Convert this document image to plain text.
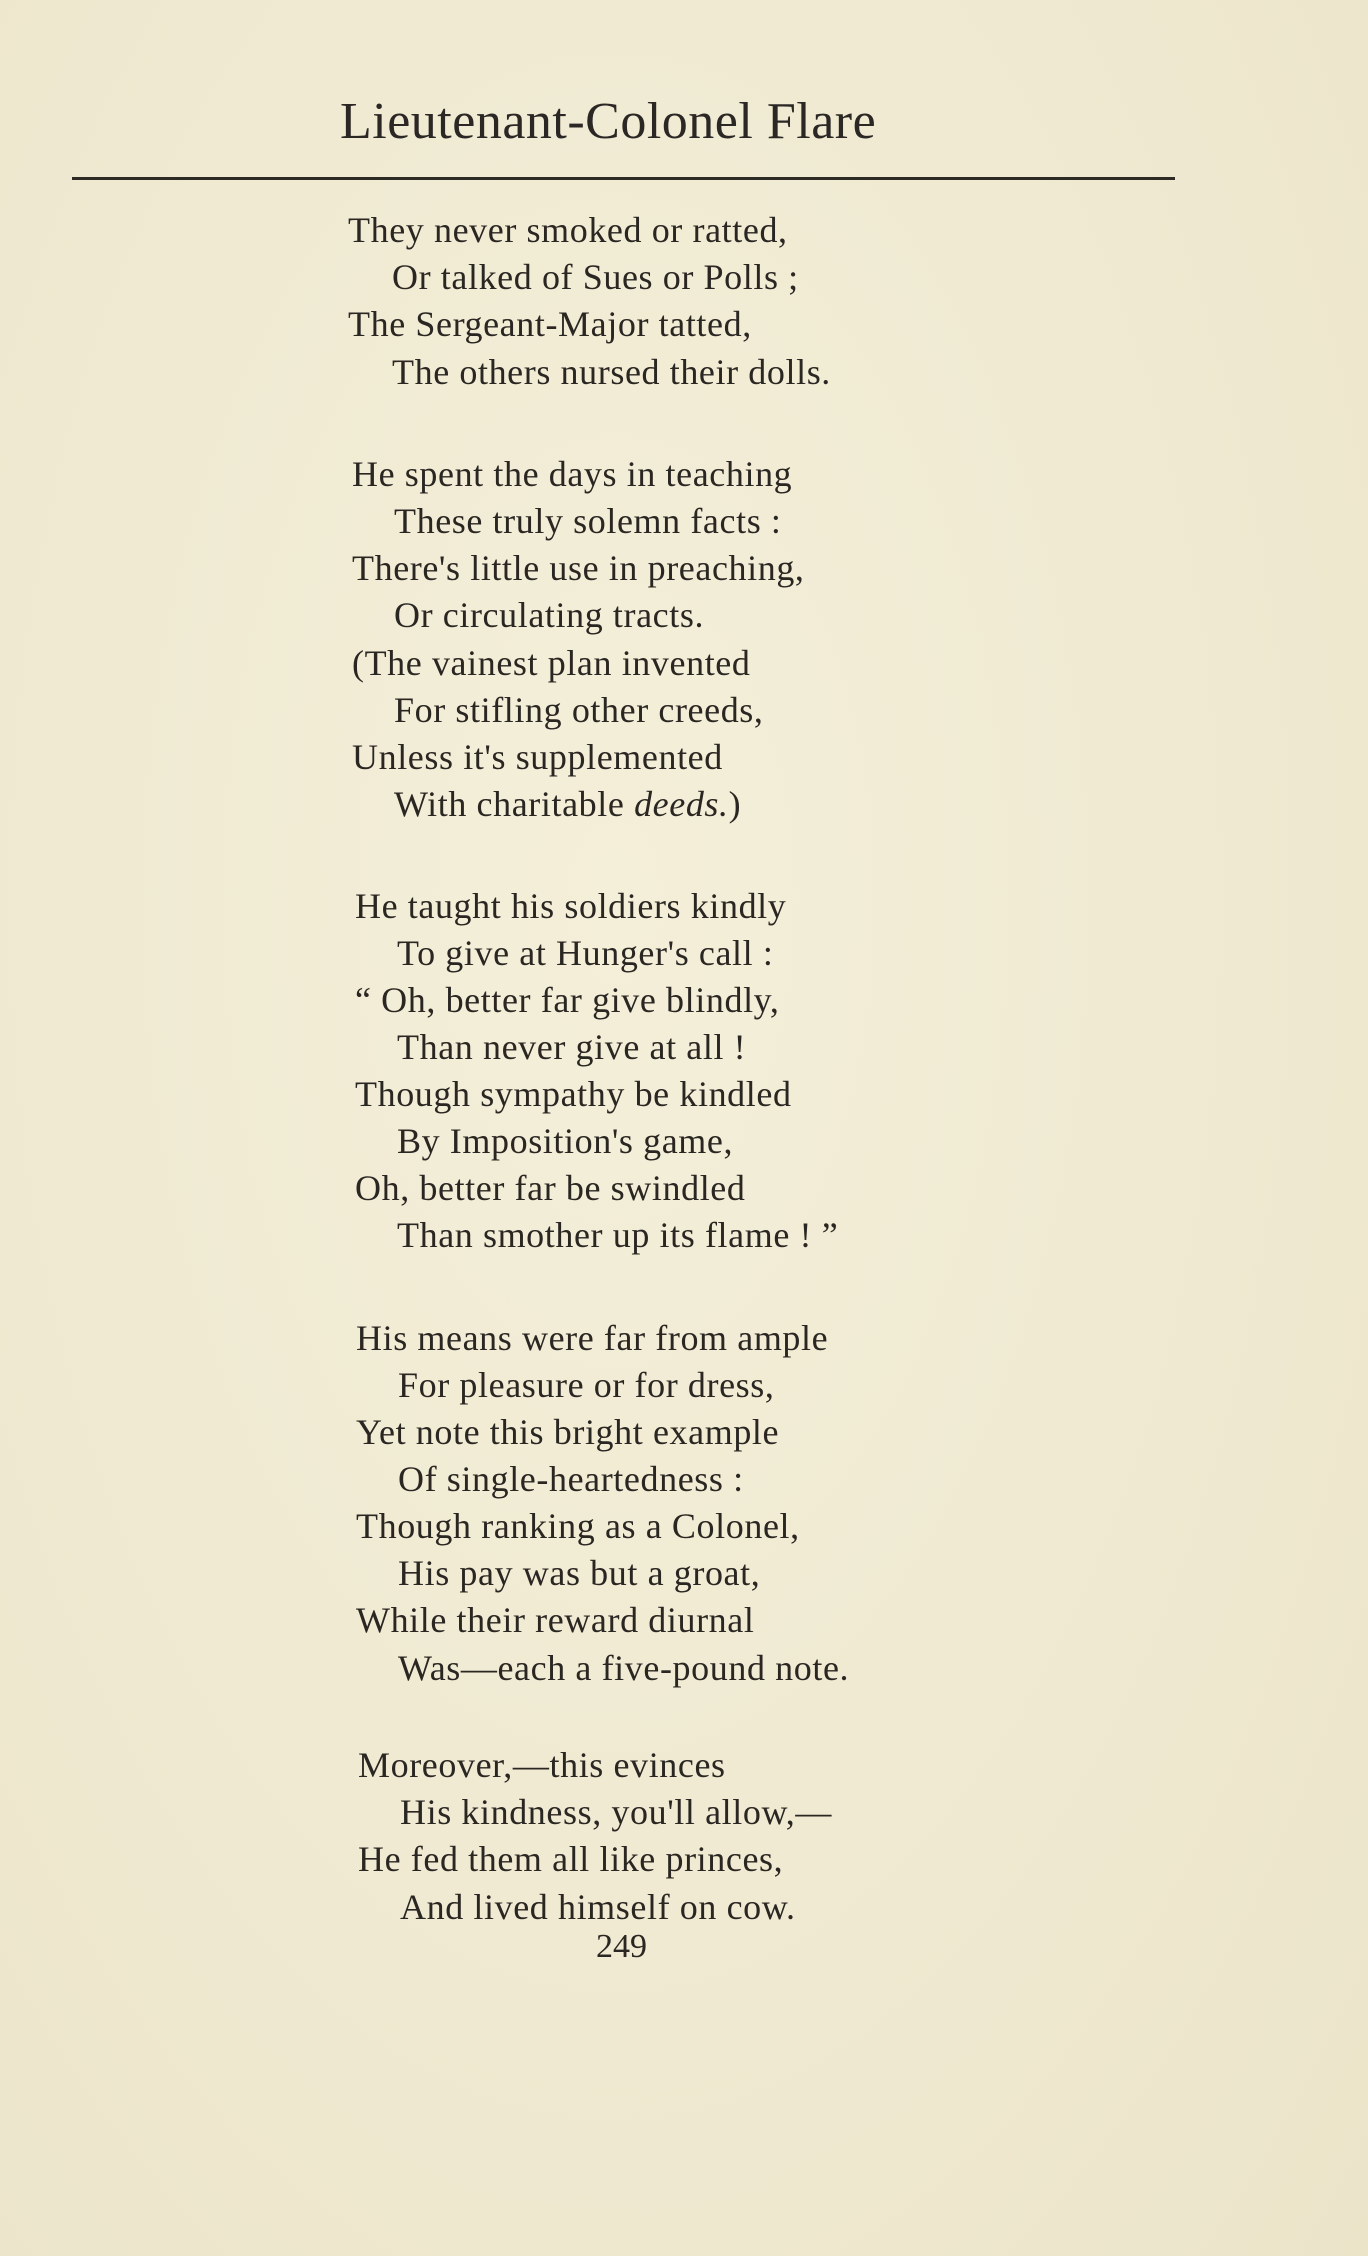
Lieutenant-Colonel Flare
They never smoked or ratted,
Or talked of Sues or Polls ;
The Sergeant-Major tatted,
The others nursed their dolls.
He spent the days in teaching
These truly solemn facts :
There's little use in preaching,
Or circulating tracts.
(The vainest plan invented
For stifling other creeds,
Unless it's supplemented
With charitable deeds.)
He taught his soldiers kindly
To give at Hunger's call :
“ Oh, better far give blindly,
Than never give at all !
Though sympathy be kindled
By Imposition's game,
Oh, better far be swindled
Than smother up its flame ! ”
His means were far from ample
For pleasure or for dress,
Yet note this bright example
Of single-heartedness :
Though ranking as a Colonel,
His pay was but a groat,
While their reward diurnal
Was—each a five-pound note.
Moreover,—this evinces
His kindness, you'll allow,—
He fed them all like princes,
And lived himself on cow.
249
